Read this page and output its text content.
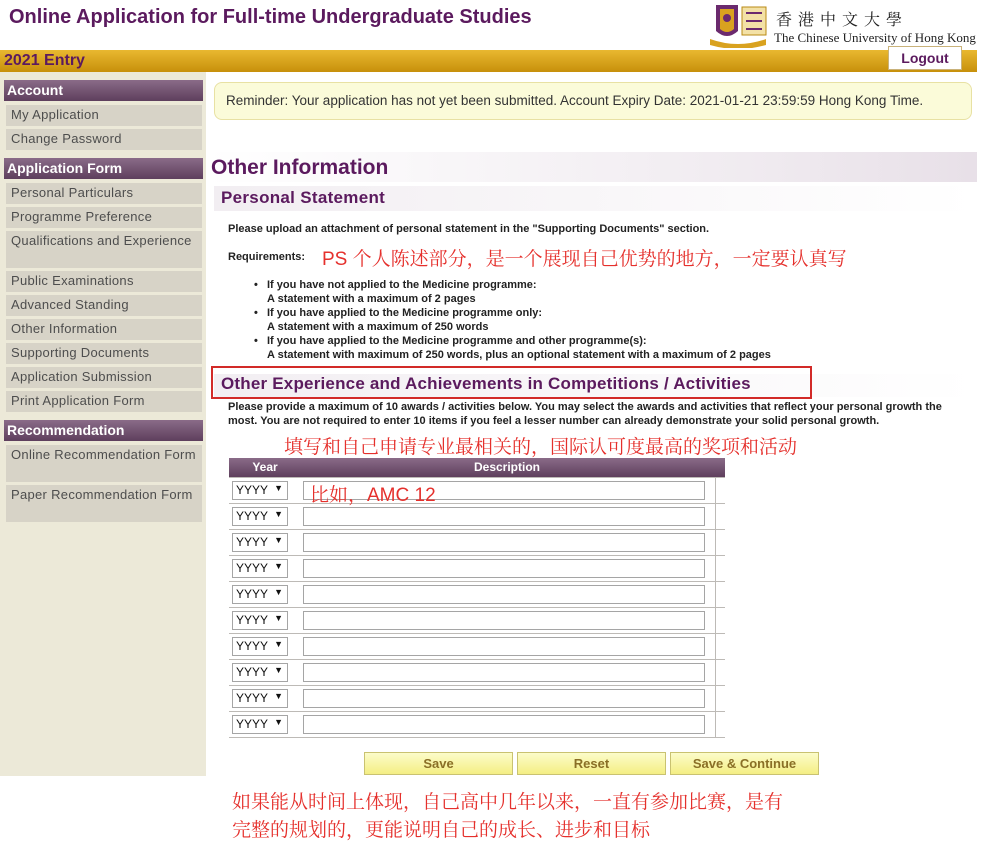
Online Application for Full-time Undergraduate Studies	香港中文大學
The Chinese University of Hong Kong
2021 Entry	Logout
Account
My Application
Change Password
Application Form
Personal Particulars
Programme Preference
Qualifications and Experience
Public Examinations
Advanced Standing
Other Information
Supporting Documents
Application Submission
Print Application Form
Recommendation
Online Recommendation Form
Paper Recommendation Form
Reminder: Your application has not yet been submitted. Account Expiry Date: 2021-01-21 23:59:59 Hong Kong Time.
Other Information
Personal Statement
Please upload an attachment of personal statement in the "Supporting Documents" section.
Requirements: PS 个人陈述部分，是一个展现自己优势的地方，一定要认真写
• If you have not applied to the Medicine programme:
A statement with a maximum of 2 pages
• If you have applied to the Medicine programme only:
A statement with a maximum of 250 words
• If you have applied to the Medicine programme and other programme(s):
A statement with maximum of 250 words, plus an optional statement with a maximum of 2 pages
Other Experience and Achievements in Competitions / Activities
Please provide a maximum of 10 awards / activities below. You may select the awards and activities that reflect your personal growth the most. You are not required to enter 10 items if you feel a lesser number can already demonstrate your solid personal growth.
填写和自己申请专业最相关的，国际认可度最高的奖项和活动
Year	Description
YYYY ▼
YYYY ▼
YYYY ▼
YYYY ▼
YYYY ▼
YYYY ▼
YYYY ▼
YYYY ▼
YYYY ▼
YYYY ▼
比如，AMC 12
Save	Reset	Save & Continue
如果能从时间上体现，自己高中几年以来，一直有参加比赛，是有
完整的规划的，更能说明自己的成长、进步和目标
